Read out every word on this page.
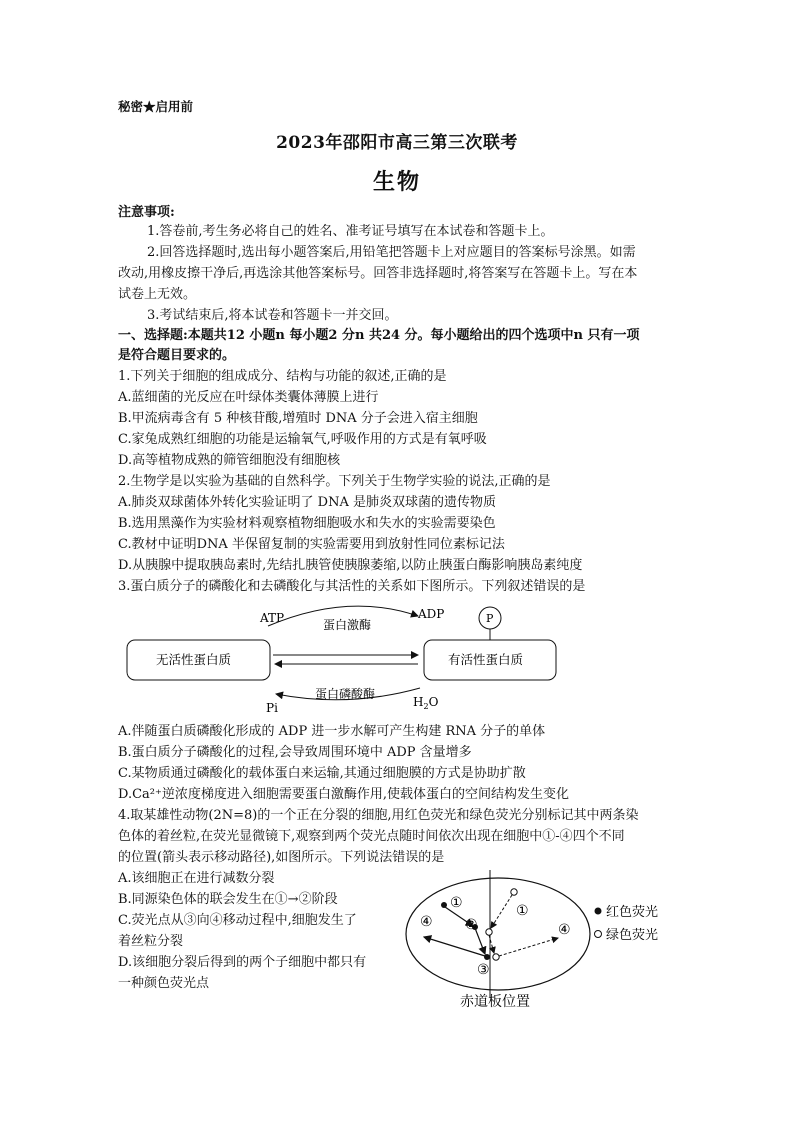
秘密★启用前
2023年邵阳市高三第三次联考
生物
注意事项:
1.答卷前,考生务必将自己的姓名、准考证号填写在本试卷和答题卡上。
2.回答选择题时,选出每小题答案后,用铅笔把答题卡上对应题目的答案标号涂黑。如需
改动,用橡皮擦干净后,再选涂其他答案标号。回答非选择题时,将答案写在答题卡上。写在本
试卷上无效。
3.考试结束后,将本试卷和答题卡一并交回。
一、选择题:本题共12 小题n 每小题2 分n 共24 分。每小题给出的四个选项中n 只有一项
是符合题目要求的。
1.下列关于细胞的组成成分、结构与功能的叙述,正确的是
A.蓝细菌的光反应在叶绿体类囊体薄膜上进行
B.甲流病毒含有 5 种核苷酸,增殖时 DNA 分子会进入宿主细胞
C.家兔成熟红细胞的功能是运输氧气,呼吸作用的方式是有氧呼吸
D.高等植物成熟的筛管细胞没有细胞核
2.生物学是以实验为基础的自然科学。下列关于生物学实验的说法,正确的是
A.肺炎双球菌体外转化实验证明了 DNA 是肺炎双球菌的遗传物质
B.选用黑藻作为实验材料观察植物细胞吸水和失水的实验需要染色
C.教材中证明DNA 半保留复制的实验需要用到放射性同位素标记法
D.从胰腺中提取胰岛素时,先结扎胰管使胰腺萎缩,以防止胰蛋白酶影响胰岛素纯度
3.蛋白质分子的磷酸化和去磷酸化与其活性的关系如下图所示。下列叙述错误的是
ATP	ADP
蛋白激酶	P
无活性蛋白质	有活性蛋白质
蛋白磷酸酶
Pi	$H_2O$
A.伴随蛋白质磷酸化形成的 ADP 进一步水解可产生构建 RNA 分子的单体
B.蛋白质分子磷酸化的过程,会导致周围环境中 ADP 含量增多
C.某物质通过磷酸化的载体蛋白来运输,其通过细胞膜的方式是协助扩散
D.Ca²⁺逆浓度梯度进入细胞需要蛋白激酶作用,使载体蛋白的空间结构发生变化
4.取某雄性动物(2N=8)的一个正在分裂的细胞,用红色荧光和绿色荧光分别标记其中两条染
色体的着丝粒,在荧光显微镜下,观察到两个荧光点随时间依次出现在细胞中①-④四个不同
的位置(箭头表示移动路径),如图所示。下列说法错误的是
A.该细胞正在进行减数分裂
B.同源染色体的联会发生在①→②阶段
C.荧光点从③向④移动过程中,细胞发生了
着丝粒分裂
D.该细胞分裂后得到的两个子细胞中都只有
一种颜色荧光点
①	①
②
③
④	④
红色荧光
绿色荧光
赤道板位置
